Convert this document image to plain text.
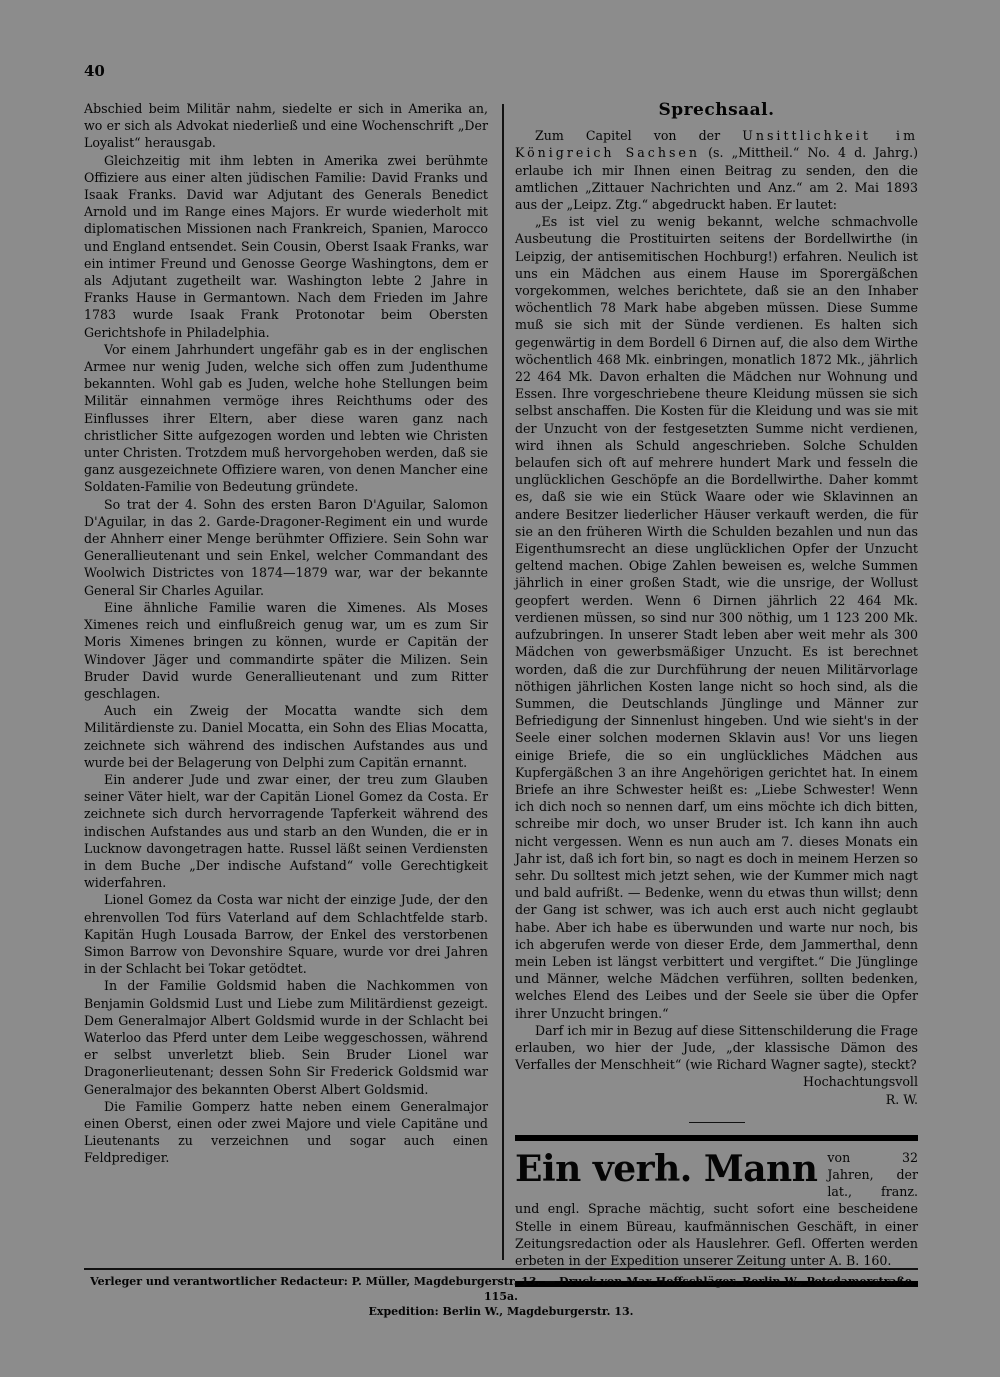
40

Abschied beim Militär nahm, siedelte er sich in Amerika an, wo er sich als Advokat niederließ und eine Wochenschrift „Der Loyalist“ herausgab.

Gleichzeitig mit ihm lebten in Amerika zwei berühmte Offiziere aus einer alten jüdischen Familie: David Franks und Isaak Franks. David war Adjutant des Generals Benedict Arnold und im Range eines Majors. Er wurde wiederholt mit diplomatischen Missionen nach Frankreich, Spanien, Marocco und England entsendet. Sein Cousin, Oberst Isaak Franks, war ein intimer Freund und Genosse George Washingtons, dem er als Adjutant zugetheilt war. Washington lebte 2 Jahre in Franks Hause in Germantown. Nach dem Frieden im Jahre 1783 wurde Isaak Frank Protonotar beim Obersten Gerichtshofe in Philadelphia.

Vor einem Jahrhundert ungefähr gab es in der englischen Armee nur wenig Juden, welche sich offen zum Judenthume bekannten. Wohl gab es Juden, welche hohe Stellungen beim Militär einnahmen vermöge ihres Reichthums oder des Einflusses ihrer Eltern, aber diese waren ganz nach christlicher Sitte aufgezogen worden und lebten wie Christen unter Christen. Trotzdem muß hervorgehoben werden, daß sie ganz ausgezeichnete Offiziere waren, von denen Mancher eine Soldaten-Familie von Bedeutung gründete.

So trat der 4. Sohn des ersten Baron D'Aguilar, Salomon D'Aguilar, in das 2. Garde-Dragoner-Regiment ein und wurde der Ahnherr einer Menge berühmter Offiziere. Sein Sohn war Generallieutenant und sein Enkel, welcher Commandant des Woolwich Districtes von 1874—1879 war, war der bekannte General Sir Charles Aguilar.

Eine ähnliche Familie waren die Ximenes. Als Moses Ximenes reich und einflußreich genug war, um es zum Sir Moris Ximenes bringen zu können, wurde er Capitän der Windover Jäger und commandirte später die Milizen. Sein Bruder David wurde Generallieutenant und zum Ritter geschlagen.

Auch ein Zweig der Mocatta wandte sich dem Militärdienste zu. Daniel Mocatta, ein Sohn des Elias Mocatta, zeichnete sich während des indischen Aufstandes aus und wurde bei der Belagerung von Delphi zum Capitän ernannt.

Ein anderer Jude und zwar einer, der treu zum Glauben seiner Väter hielt, war der Capitän Lionel Gomez da Costa. Er zeichnete sich durch hervorragende Tapferkeit während des indischen Aufstandes aus und starb an den Wunden, die er in Lucknow davongetragen hatte. Russel läßt seinen Verdiensten in dem Buche „Der indische Aufstand“ volle Gerechtigkeit widerfahren.

Lionel Gomez da Costa war nicht der einzige Jude, der den ehrenvollen Tod fürs Vaterland auf dem Schlachtfelde starb. Kapitän Hugh Lousada Barrow, der Enkel des verstorbenen Simon Barrow von Devonshire Square, wurde vor drei Jahren in der Schlacht bei Tokar getödtet.

In der Familie Goldsmid haben die Nachkommen von Benjamin Goldsmid Lust und Liebe zum Militärdienst gezeigt. Dem Generalmajor Albert Goldsmid wurde in der Schlacht bei Waterloo das Pferd unter dem Leibe weggeschossen, während er selbst unverletzt blieb. Sein Bruder Lionel war Dragonerlieutenant; dessen Sohn Sir Frederick Goldsmid war Generalmajor des bekannten Oberst Albert Goldsmid.

Die Familie Gomperz hatte neben einem Generalmajor einen Oberst, einen oder zwei Majore und viele Capitäne und Lieutenants zu verzeichnen und sogar auch einen Feldprediger.

Sprechsaal.

Zum Capitel von der Unsittlichkeit im Königreich Sachsen (s. „Mittheil.“ No. 4 d. Jahrg.) erlaube ich mir Ihnen einen Beitrag zu senden, den die amtlichen „Zittauer Nachrichten und Anz.“ am 2. Mai 1893 aus der „Leipz. Ztg.“ abgedruckt haben. Er lautet:

„Es ist viel zu wenig bekannt, welche schmachvolle Ausbeutung die Prostituirten seitens der Bordellwirthe (in Leipzig, der antisemitischen Hochburg!) erfahren. Neulich ist uns ein Mädchen aus einem Hause im Sporergäßchen vorgekommen, welches berichtete, daß sie an den Inhaber wöchentlich 78 Mark habe abgeben müssen. Diese Summe muß sie sich mit der Sünde verdienen. Es halten sich gegenwärtig in dem Bordell 6 Dirnen auf, die also dem Wirthe wöchentlich 468 Mk. einbringen, monatlich 1872 Mk., jährlich 22 464 Mk. Davon erhalten die Mädchen nur Wohnung und Essen. Ihre vorgeschriebene theure Kleidung müssen sie sich selbst anschaffen. Die Kosten für die Kleidung und was sie mit der Unzucht von der festgesetzten Summe nicht verdienen, wird ihnen als Schuld angeschrieben. Solche Schulden belaufen sich oft auf mehrere hundert Mark und fesseln die unglücklichen Geschöpfe an die Bordellwirthe. Daher kommt es, daß sie wie ein Stück Waare oder wie Sklavinnen an andere Besitzer liederlicher Häuser verkauft werden, die für sie an den früheren Wirth die Schulden bezahlen und nun das Eigenthumsrecht an diese unglücklichen Opfer der Unzucht geltend machen. Obige Zahlen beweisen es, welche Summen jährlich in einer großen Stadt, wie die unsrige, der Wollust geopfert werden. Wenn 6 Dirnen jährlich 22 464 Mk. verdienen müssen, so sind nur 300 nöthig, um 1 123 200 Mk. aufzubringen. In unserer Stadt leben aber weit mehr als 300 Mädchen von gewerbsmäßiger Unzucht. Es ist berechnet worden, daß die zur Durchführung der neuen Militärvorlage nöthigen jährlichen Kosten lange nicht so hoch sind, als die Summen, die Deutschlands Jünglinge und Männer zur Befriedigung der Sinnenlust hingeben. Und wie sieht's in der Seele einer solchen modernen Sklavin aus! Vor uns liegen einige Briefe, die so ein unglückliches Mädchen aus Kupfergäßchen 3 an ihre Angehörigen gerichtet hat. In einem Briefe an ihre Schwester heißt es: „Liebe Schwester! Wenn ich dich noch so nennen darf, um eins möchte ich dich bitten, schreibe mir doch, wo unser Bruder ist. Ich kann ihn auch nicht vergessen. Wenn es nun auch am 7. dieses Monats ein Jahr ist, daß ich fort bin, so nagt es doch in meinem Herzen so sehr. Du solltest mich jetzt sehen, wie der Kummer mich nagt und bald aufrißt. — Bedenke, wenn du etwas thun willst; denn der Gang ist schwer, was ich auch erst auch nicht geglaubt habe. Aber ich habe es überwunden und warte nur noch, bis ich abgerufen werde von dieser Erde, dem Jammerthal, denn mein Leben ist längst verbittert und vergiftet.“ Die Jünglinge und Männer, welche Mädchen verführen, sollten bedenken, welches Elend des Leibes und der Seele sie über die Opfer ihrer Unzucht bringen.“

Darf ich mir in Bezug auf diese Sittenschilderung die Frage erlauben, wo hier der Jude, „der klassische Dämon des Verfalles der Menschheit“ (wie Richard Wagner sagte), steckt?

Hochachtungsvoll

R. W.

Ein verh. Mann von 32 Jahren, der lat., franz. und engl. Sprache mächtig, sucht sofort eine bescheidene Stelle in einem Büreau, kaufmännischen Geschäft, in einer Zeitungsredaction oder als Hauslehrer. Gefl. Offerten werden erbeten in der Expedition unserer Zeitung unter A. B. 160.
Verleger und verantwortlicher Redacteur: P. Müller, Magdeburgerstr. 13. — Druck von Max Hoffschläger, Berlin W., Potsdamerstraße 115a.
Expedition: Berlin W., Magdeburgerstr. 13.
